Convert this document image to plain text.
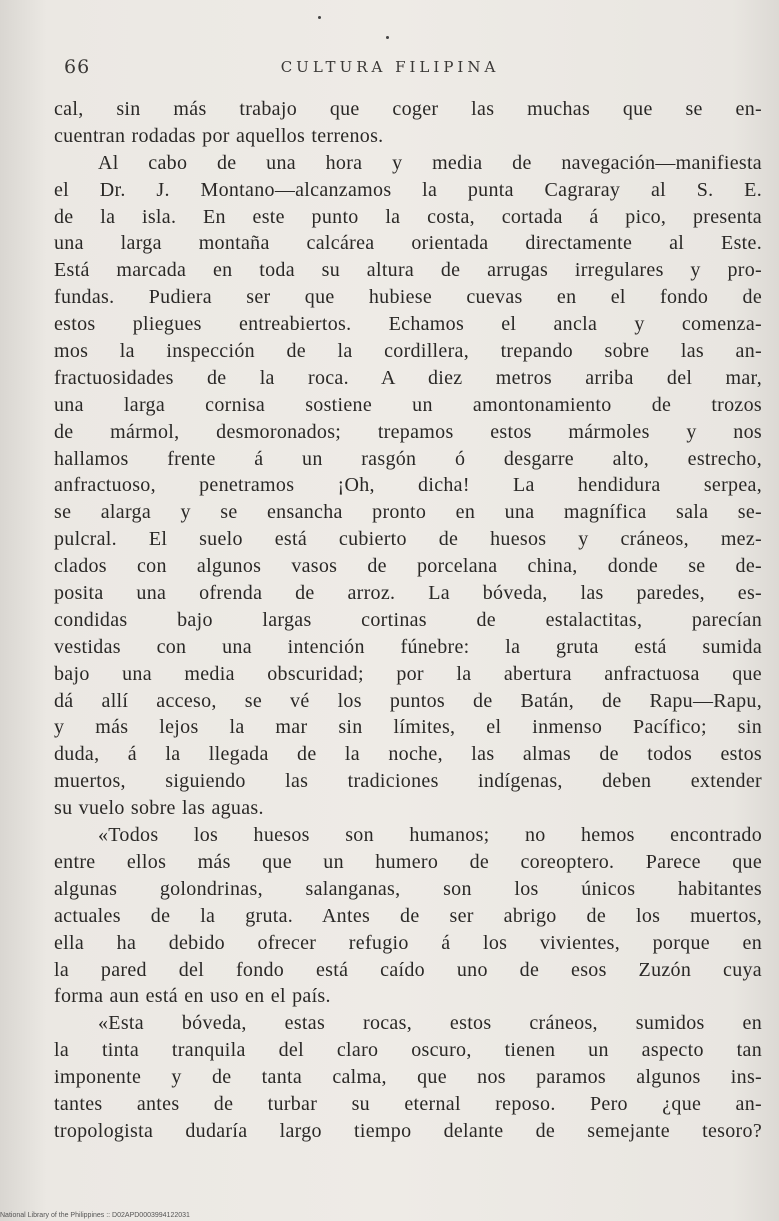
66	CULTURA FILIPINA
cal, sin más trabajo que coger las muchas que se en-
cuentran rodadas por aquellos terrenos.
Al cabo de una hora y media de navegación—manifiesta
el Dr. J. Montano—alcanzamos la punta Cagraray al S. E.
de la isla. En este punto la costa, cortada á pico, presenta
una larga montaña calcárea orientada directamente al Este.
Está marcada en toda su altura de arrugas irregulares y pro-
fundas. Pudiera ser que hubiese cuevas en el fondo de
estos pliegues entreabiertos. Echamos el ancla y comenza-
mos la inspección de la cordillera, trepando sobre las an-
fractuosidades de la roca. A diez metros arriba del mar,
una larga cornisa sostiene un amontonamiento de trozos
de mármol, desmoronados; trepamos estos mármoles y nos
hallamos frente á un rasgón ó desgarre alto, estrecho,
anfractuoso, penetramos ¡Oh, dicha! La hendidura serpea,
se alarga y se ensancha pronto en una magnífica sala se-
pulcral. El suelo está cubierto de huesos y cráneos, mez-
clados con algunos vasos de porcelana china, donde se de-
posita una ofrenda de arroz. La bóveda, las paredes, es-
condidas bajo largas cortinas de estalactitas, parecían
vestidas con una intención fúnebre: la gruta está sumida
bajo una media obscuridad; por la abertura anfractuosa que
dá allí acceso, se vé los puntos de Batán, de Rapu—Rapu,
y más lejos la mar sin límites, el inmenso Pacífico; sin
duda, á la llegada de la noche, las almas de todos estos
muertos, siguiendo las tradiciones indígenas, deben extender
su vuelo sobre las aguas.
«Todos los huesos son humanos; no hemos encontrado
entre ellos más que un humero de coreoptero. Parece que
algunas golondrinas, salanganas, son los únicos habitantes
actuales de la gruta. Antes de ser abrigo de los muertos,
ella ha debido ofrecer refugio á los vivientes, porque en
la pared del fondo está caído uno de esos Zuzón cuya
forma aun está en uso en el país.
«Esta bóveda, estas rocas, estos cráneos, sumidos en
la tinta tranquila del claro oscuro, tienen un aspecto tan
imponente y de tanta calma, que nos paramos algunos ins-
tantes antes de turbar su eternal reposo. Pero ¿que an-
tropologista dudaría largo tiempo delante de semejante tesoro?
National Library of the Philippines :: D02APD0003994122031
